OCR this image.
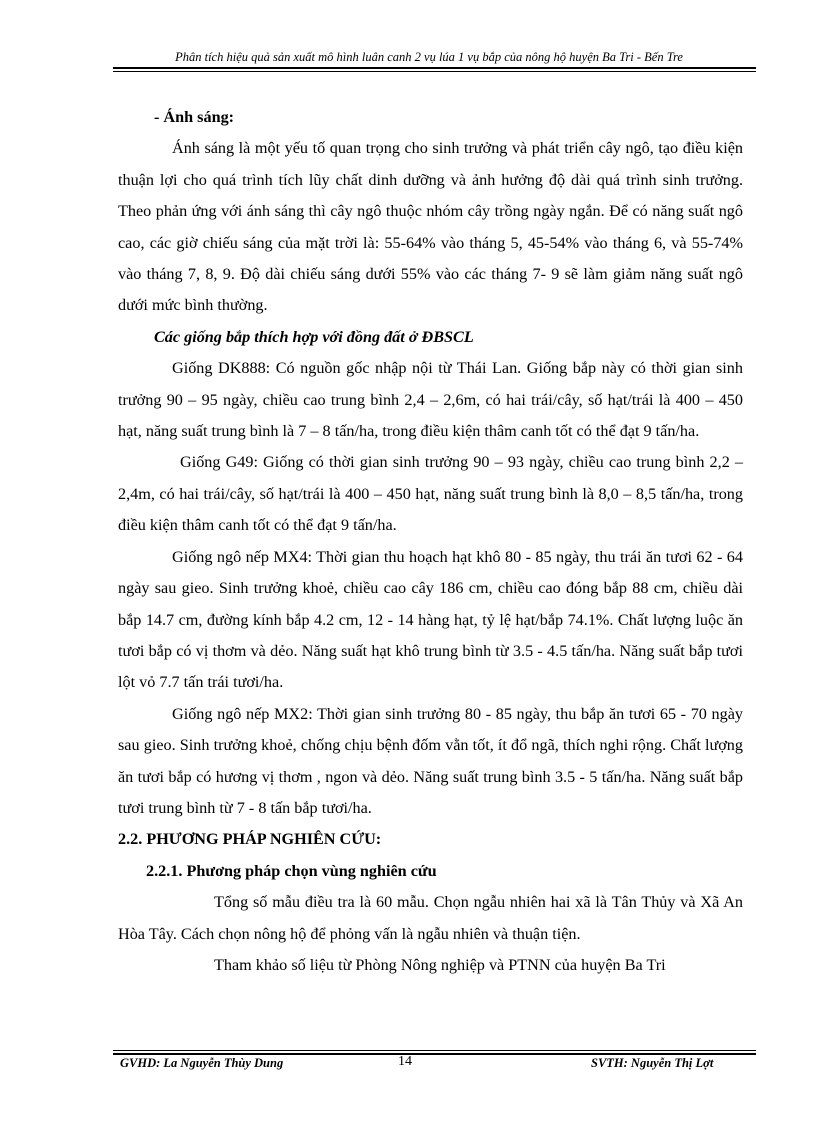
Phân tích hiệu quả sản xuất mô hình luân canh 2 vụ lúa 1 vụ bắp của nông hộ huyện Ba Tri - Bến Tre

- Ánh sáng:

Ánh sáng là một yếu tố quan trọng cho sinh trưởng và phát triển cây ngô, tạo điều kiện thuận lợi cho quá trình tích lũy chất dinh dưỡng và ảnh hưởng độ dài quá trình sinh trưởng. Theo phản ứng với ánh sáng thì cây ngô thuộc nhóm cây trồng ngày ngắn. Để có năng suất ngô cao, các giờ chiếu sáng của mặt trời là: 55-64% vào tháng 5, 45-54% vào tháng 6, và 55-74% vào tháng 7, 8, 9. Độ dài chiếu sáng dưới 55% vào các tháng 7- 9 sẽ làm giảm năng suất ngô dưới mức bình thường.

Các giống bắp thích hợp với đồng đất ở ĐBSCL

Giống DK888: Có nguồn gốc nhập nội từ Thái Lan. Giống bắp này có thời gian sinh trưởng 90 – 95 ngày, chiều cao trung bình 2,4 – 2,6m, có hai trái/cây, số hạt/trái là 400 – 450 hạt, năng suất trung bình là 7 – 8 tấn/ha, trong điều kiện thâm canh tốt có thể đạt 9 tấn/ha.

Giống G49: Giống có thời gian sinh trưởng 90 – 93 ngày, chiều cao trung bình 2,2 – 2,4m, có hai trái/cây, số hạt/trái là 400 – 450 hạt, năng suất trung bình là 8,0 – 8,5 tấn/ha, trong điều kiện thâm canh tốt có thể đạt 9 tấn/ha.

Giống ngô nếp MX4: Thời gian thu hoạch hạt khô 80 - 85 ngày, thu trái ăn tươi 62 - 64 ngày sau gieo. Sinh trưởng khoẻ, chiều cao cây 186 cm, chiều cao đóng bắp 88 cm, chiều dài bắp 14.7 cm, đường kính bắp 4.2 cm, 12 - 14 hàng hạt, tỷ lệ hạt/bắp 74.1%. Chất lượng luộc ăn tươi bắp có vị thơm và dẻo. Năng suất hạt khô trung bình từ 3.5 - 4.5 tấn/ha. Năng suất bắp tươi lột vỏ 7.7 tấn trái tươi/ha.

Giống ngô nếp MX2: Thời gian sinh trưởng 80 - 85 ngày, thu bắp ăn tươi 65 - 70 ngày sau gieo. Sinh trưởng khoẻ, chống chịu bệnh đốm vằn tốt, ít đổ ngã, thích nghi rộng. Chất lượng ăn tươi bắp có hương vị thơm , ngon và dẻo. Năng suất trung bình 3.5 - 5 tấn/ha. Năng suất bắp tươi trung bình từ 7 - 8 tấn bắp tươi/ha.

2.2. PHƯƠNG PHÁP NGHIÊN CỨU:

2.2.1. Phương pháp chọn vùng nghiên cứu

Tổng số mẫu điều tra là 60 mẫu. Chọn ngẫu nhiên hai xã là Tân Thủy và Xã An Hòa Tây. Cách chọn nông hộ để phỏng vấn là ngẫu nhiên và thuận tiện.

Tham khảo số liệu từ Phòng Nông nghiệp và PTNN của huyện Ba Tri

GVHD: La Nguyễn Thùy Dung	14	SVTH: Nguyễn Thị Lợt
